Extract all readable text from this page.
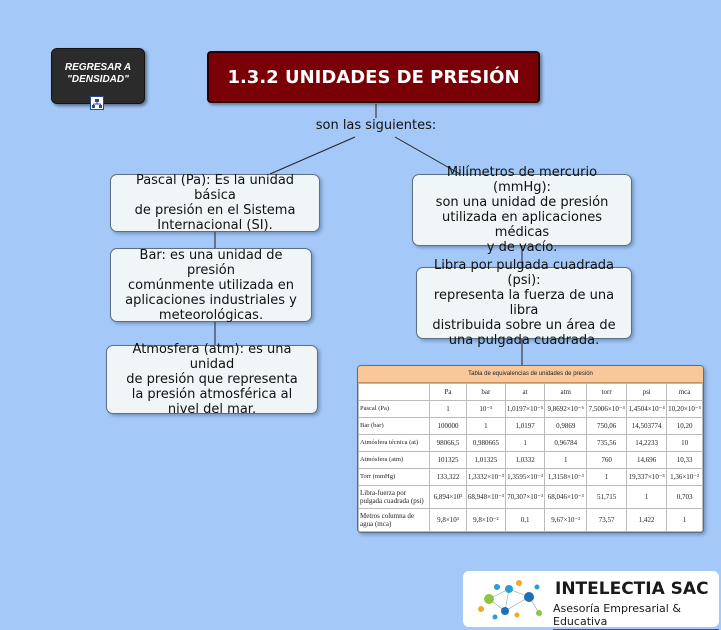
REGRESAR A
"DENSIDAD"	1.3.2 UNIDADES DE PRESIÓN
son las siguientes:
Pascal (Pa): Es la unidad básica
de presión en el Sistema
Internacional (SI).
Bar: es una unidad de presión
comúnmente utilizada en
aplicaciones industriales y
meteorológicas.
Atmosfera (atm): es una unidad
de presión que representa
la presión atmosférica al
nivel del mar.
Milímetros de mercurio (mmHg):
son una unidad de presión
utilizada en aplicaciones médicas
y de vacío.
Libra por pulgada cuadrada (psi):
representa la fuerza de una libra
distribuida sobre un área de
una pulgada cuadrada.
Tabla de equivalencias de unidades de presión
	Pa	bar	at	atm	torr	psi	mca
Pascal (Pa)	1	10⁻⁵	1,0197×10⁻⁵	9,8692×10⁻⁶	7,5006×10⁻³	1,4504×10⁻⁴	10,20×10⁻⁵
Bar (bar)	100000	1	1,0197	0,9869	750,06	14,503774	10,20
Atmósfera técnica (at)	98066,5	0,980665	1	0,96784	735,56	14,2233	10
Atmósfera (atm)	101325	1,01325	1,0332	1	760	14,696	10,33
Torr (mmHg)	133,322	1,3332×10⁻³	1,3595×10⁻³	1,3158×10⁻³	1	19,337×10⁻³	1,36×10⁻²
Libra-fuerza por pulgada cuadrada (psi)	6,894×10³	68,948×10⁻³	70,307×10⁻³	68,046×10⁻³	51,715	1	0,703
Metros columna de agua (mca)	9,8×10³	9,8×10⁻²	0,1	9,67×10⁻²	73,57	1,422	1
INTELECTIA SAC
Asesoría Empresarial & Educativa
